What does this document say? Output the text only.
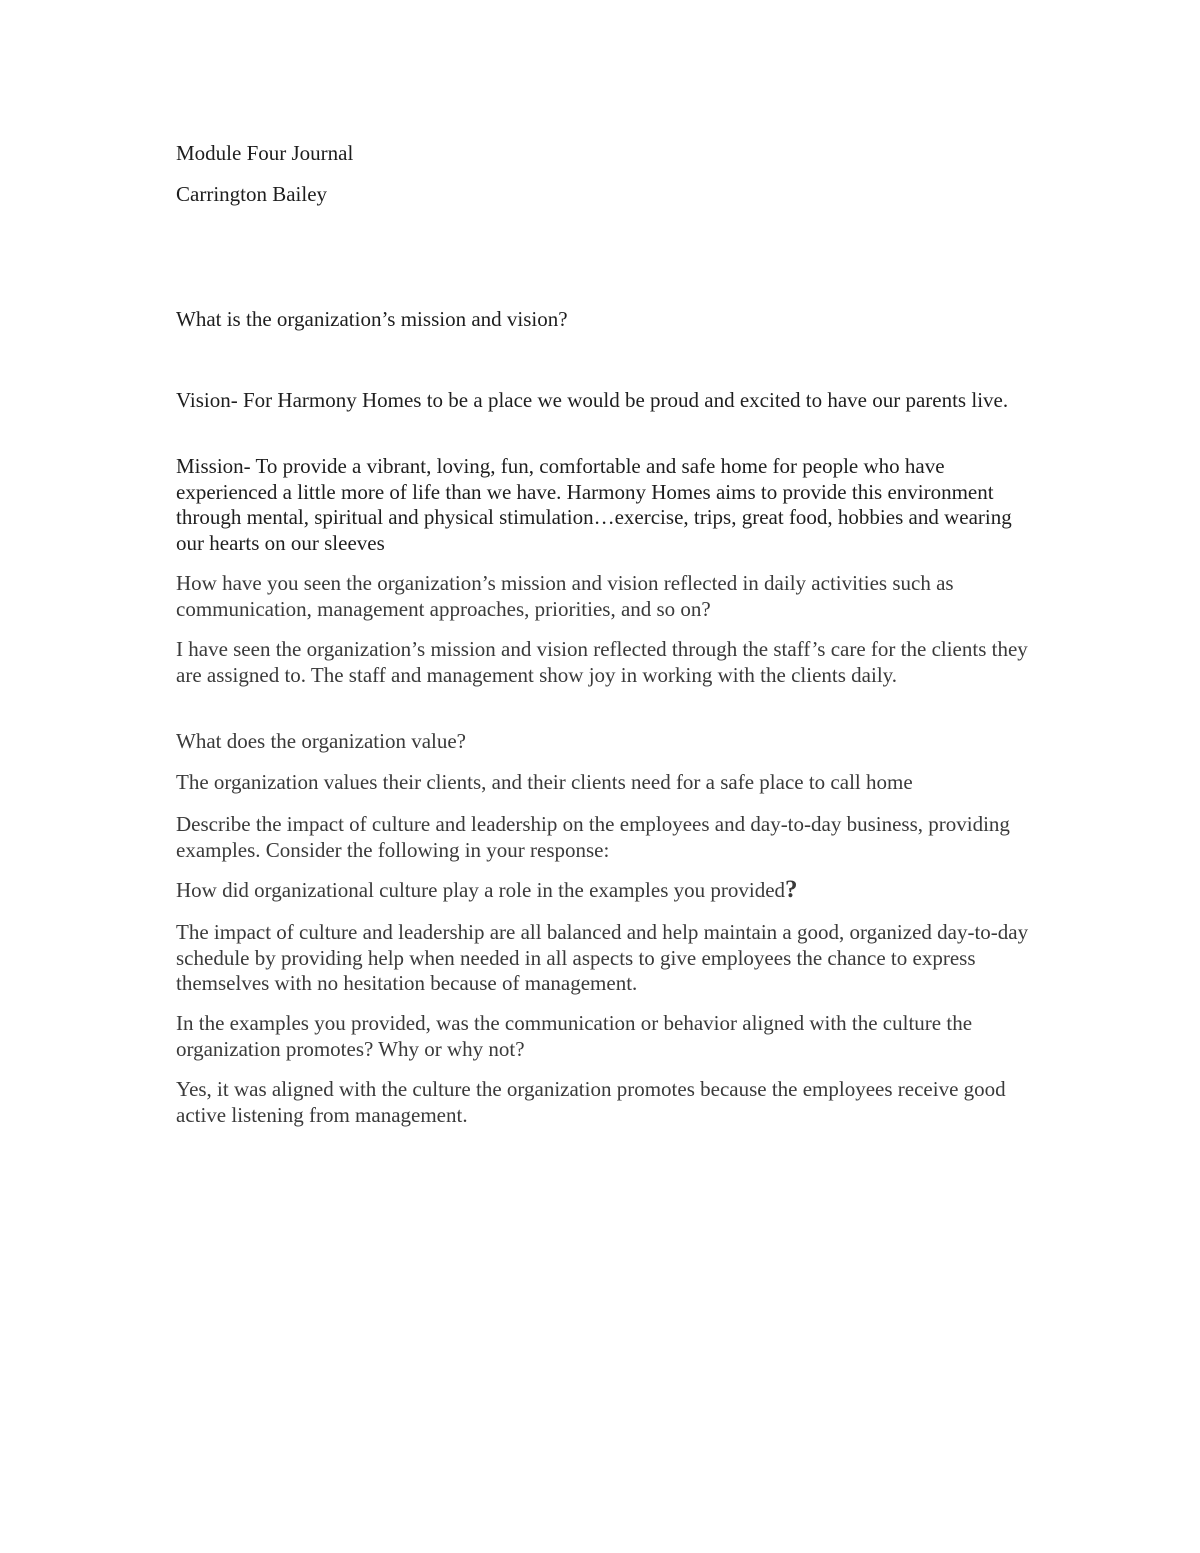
Module Four Journal

Carrington Bailey

What is the organization’s mission and vision?

Vision- For Harmony Homes to be a place we would be proud and excited to have our parents live.

Mission- To provide a vibrant, loving, fun, comfortable and safe home for people who have experienced a little more of life than we have. Harmony Homes aims to provide this environment through mental, spiritual and physical stimulation…exercise, trips, great food, hobbies and wearing our hearts on our sleeves

How have you seen the organization’s mission and vision reflected in daily activities such as communication, management approaches, priorities, and so on?

I have seen the organization’s mission and vision reflected through the staff’s care for the clients they are assigned to. The staff and management show joy in working with the clients daily.

What does the organization value?

The organization values their clients, and their clients need for a safe place to call home

Describe the impact of culture and leadership on the employees and day-to-day business, providing examples. Consider the following in your response:

How did organizational culture play a role in the examples you provided?

The impact of culture and leadership are all balanced and help maintain a good, organized day-to-day schedule by providing help when needed in all aspects to give employees the chance to express themselves with no hesitation because of management.

In the examples you provided, was the communication or behavior aligned with the culture the organization promotes? Why or why not?

Yes, it was aligned with the culture the organization promotes because the employees receive good active listening from management.
